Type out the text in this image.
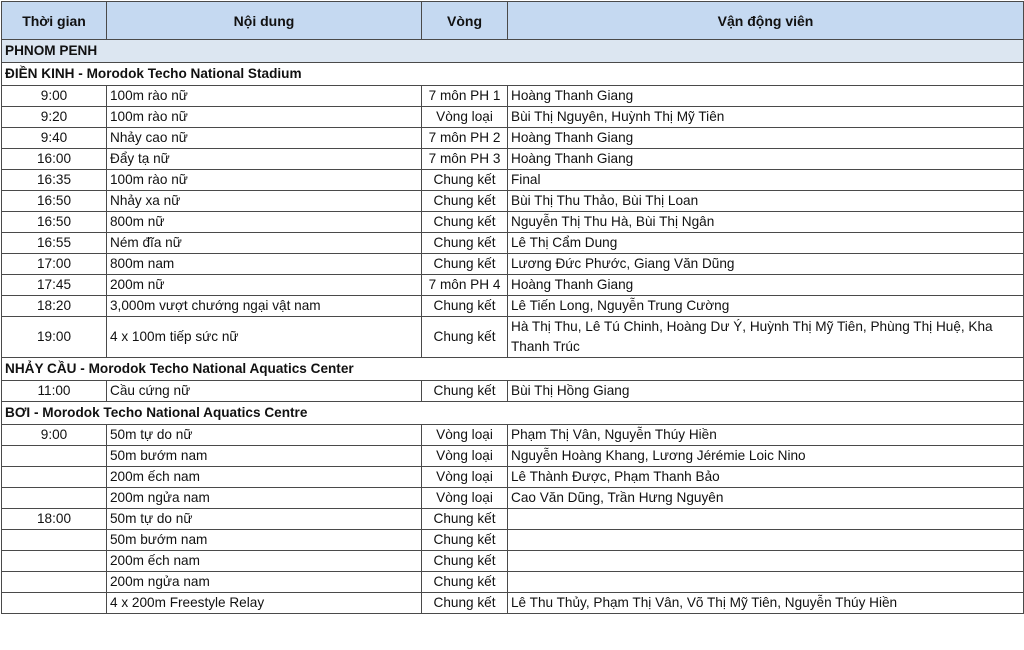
Thời gian	Nội dung	Vòng	Vận động viên
PHNOM PENH			
ĐIỀN KINH - Morodok Techo National Stadium			
9:00	100m rào nữ	7 môn PH 1	Hoàng Thanh Giang
9:20	100m rào nữ	Vòng loại	Bùi Thị Nguyên, Huỳnh Thị Mỹ Tiên
9:40	Nhảy cao nữ	7 môn PH 2	Hoàng Thanh Giang
16:00	Đẩy tạ nữ	7 môn PH 3	Hoàng Thanh Giang
16:35	100m rào nữ	Chung kết	Final
16:50	Nhảy xa nữ	Chung kết	Bùi Thị Thu Thảo, Bùi Thị Loan
16:50	800m nữ	Chung kết	Nguyễn Thị Thu Hà, Bùi Thị Ngân
16:55	Ném đĩa nữ	Chung kết	Lê Thị Cẩm Dung
17:00	800m nam	Chung kết	Lương Đức Phước, Giang Văn Dũng
17:45	200m nữ	7 môn PH 4	Hoàng Thanh Giang
18:20	3,000m vượt chướng ngại vật nam	Chung kết	Lê Tiến Long, Nguyễn Trung Cường
19:00	4 x 100m tiếp sức nữ	Chung kết	Hà Thị Thu, Lê Tú Chinh, Hoàng Dư Ý, Huỳnh Thị Mỹ Tiên, Phùng Thị Huệ, Kha Thanh Trúc
NHẢY CẦU - Morodok Techo National Aquatics Center			
11:00	Cầu cứng nữ	Chung kết	Bùi Thị Hồng Giang
BƠI - Morodok Techo National Aquatics Centre			
9:00	50m tự do nữ	Vòng loại	Phạm Thị Vân, Nguyễn Thúy Hiền
	50m bướm nam	Vòng loại	Nguyễn Hoàng Khang, Lương Jérémie Loic Nino
	200m ếch nam	Vòng loại	Lê Thành Được, Phạm Thanh Bảo
	200m ngửa nam	Vòng loại	Cao Văn Dũng, Trần Hưng Nguyên
18:00	50m tự do nữ	Chung kết	
	50m bướm nam	Chung kết	
	200m ếch nam	Chung kết	
	200m ngửa nam	Chung kết	
	4 x 200m Freestyle Relay	Chung kết	Lê Thu Thủy, Phạm Thị Vân, Võ Thị Mỹ Tiên, Nguyễn Thúy Hiền
